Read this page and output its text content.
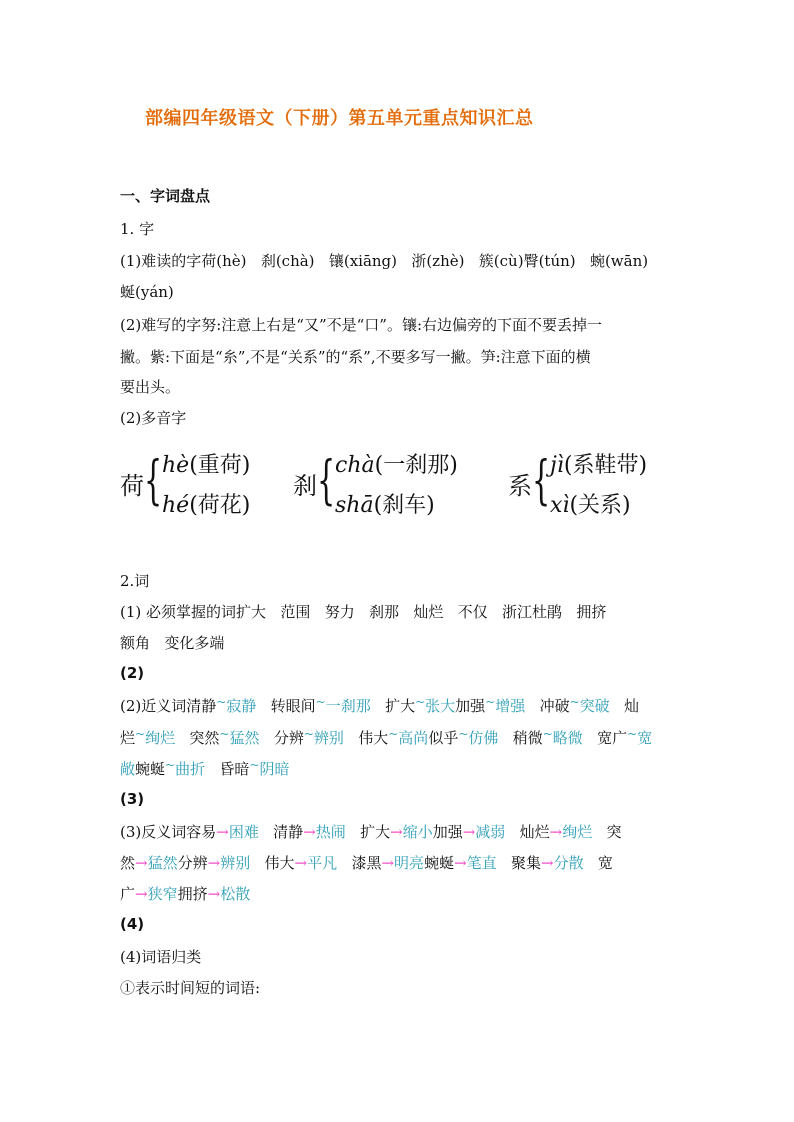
部编四年级语文（下册）第五单元重点知识汇总
一、字词盘点
1. 字
(1)难读的字荷(hè) 刹(chà) 镶(xiāng) 浙(zhè) 簇(cù)臀(tún) 蜿(wān)
蜒(yán)
(2)难写的字努:注意上右是“又”不是“口”。镶:右边偏旁的下面不要丢掉一
撇。紫:下面是“糸”,不是“关系”的“系”,不要多写一撇。笋:注意下面的横
要出头。
(2)多音字
荷 { hè(重荷)
hé(荷花)
刹 { chà(一刹那)
shā(刹车)
系 { jì(系鞋带)
xì(关系)
2.词
(1) 必须掌握的词扩大 范围 努力 刹那 灿烂 不仅 浙江杜鹃 拥挤
额角 变化多端
(2)
(2)近义词清静~寂静 转眼间~一刹那 扩大~张大加强~增强 冲破~突破 灿
烂~绚烂 突然~猛然 分辨~辨别 伟大~高尚似乎~仿佛 稍微~略微 宽广~宽
敞蜿蜒~曲折 昏暗~阴暗
(3)
(3)反义词容易→困难 清静→热闹 扩大→缩小加强→减弱 灿烂→绚烂 突
然→猛然分辨→辨别 伟大→平凡 漆黑→明亮蜿蜒→笔直 聚集→分散 宽
广→狭窄拥挤→松散
(4)
(4)词语归类
①表示时间短的词语:
